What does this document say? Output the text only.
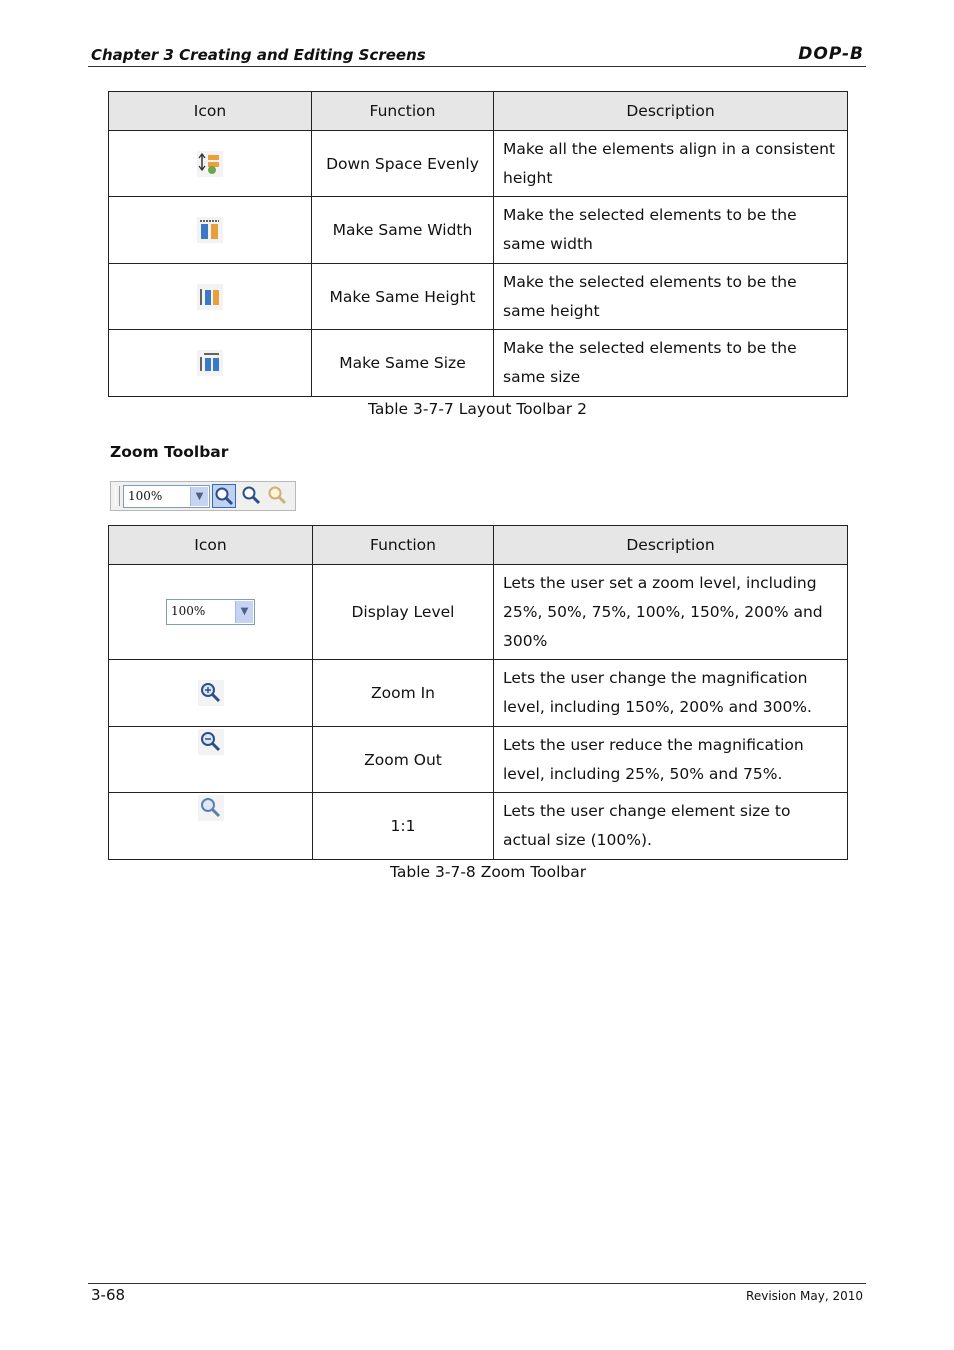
Chapter 3 Creating and Editing Screens	DOP-B
Icon	Function	Description
	Down Space Evenly	Make all the elements align in a consistent
height
	Make Same Width	Make the selected elements to be the
same width
	Make Same Height	Make the selected elements to be the
same height
	Make Same Size	Make the selected elements to be the
same size
Table 3-7-7 Layout Toolbar 2
Zoom Toolbar
100%	▼
Icon	Function	Description

100% ▼	Display Level	Lets the user set a zoom level, including
25%, 50%, 75%, 100%, 150%, 200% and
300%
	Zoom In	Lets the user change the magnification
level, including 150%, 200% and 300%.
	Zoom Out	Lets the user reduce the magnification
level, including 25%, 50% and 75%.
	1:1	Lets the user change element size to
actual size (100%).
Table 3-7-8 Zoom Toolbar
3-68	Revision May, 2010
